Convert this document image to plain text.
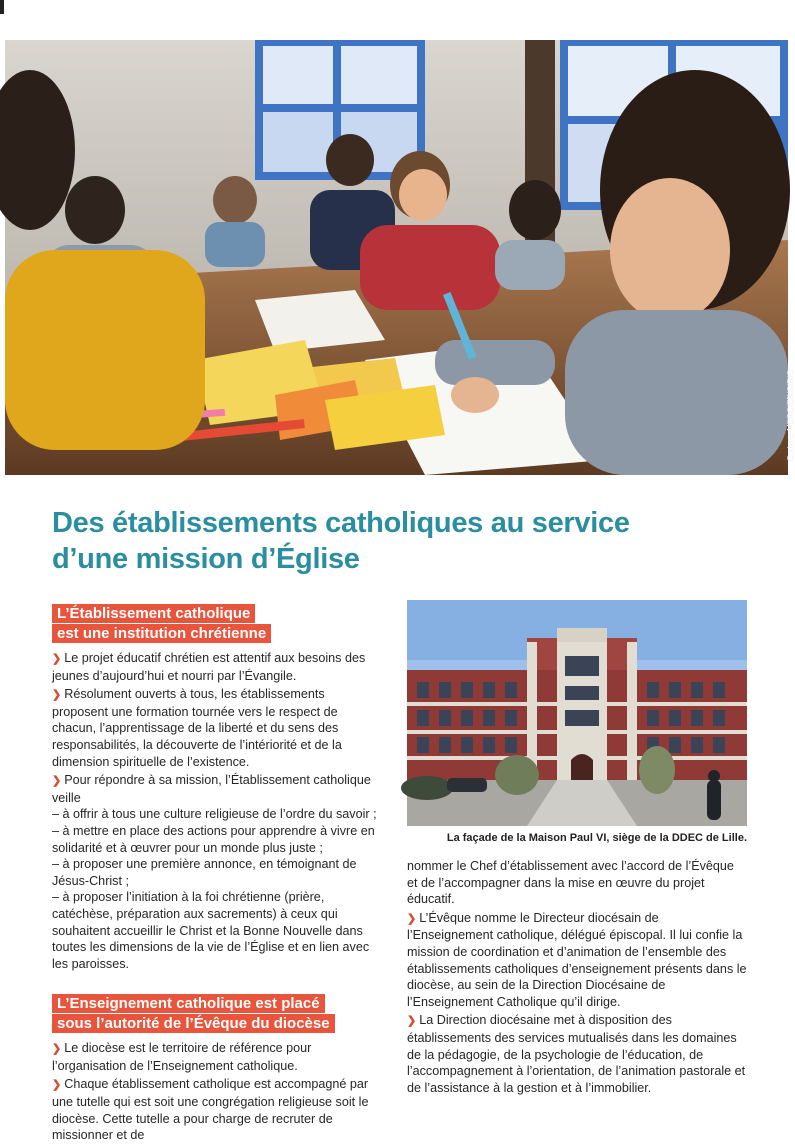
Corinne MERCIER/CIRIC
Des établissements catholiques au service
d’une mission d’Église
L’Établissement catholique
est une institution chrétienne

❯ Le projet éducatif chrétien est attentif aux besoins des jeunes d’aujourd’hui et nourri par l’Évangile.

❯ Résolument ouverts à tous, les établissements proposent une formation tournée vers le respect de chacun, l’apprentissage de la liberté et du sens des responsabilités, la découverte de l’intériorité et de la dimension spirituelle de l’existence.

❯ Pour répondre à sa mission, l’Établissement catholique veille
– à offrir à tous une culture religieuse de l’ordre du savoir ;
– à mettre en place des actions pour apprendre à vivre en solidarité et à œuvrer pour un monde plus juste ;
– à proposer une première annonce, en témoignant de Jésus-Christ ;
– à proposer l’initiation à la foi chrétienne (prière, catéchèse, préparation aux sacrements) à ceux qui souhaitent accueillir le Christ et la Bonne Nouvelle dans toutes les dimensions de la vie de l’Église et en lien avec les paroisses.

L’Enseignement catholique est placé
sous l’autorité de l’Évêque du diocèse

❯ Le diocèse est le territoire de référence pour l’organisation de l’Enseignement catholique.

❯ Chaque établissement catholique est accompagné par une tutelle qui est soit une congrégation religieuse soit le diocèse. Cette tutelle a pour charge de recruter de missionner et de

La façade de la Maison Paul VI, siège de la DDEC de Lille.

nommer le Chef d’établissement avec l’accord de l’Évêque et de l’accompagner dans la mise en œuvre du projet éducatif.

❯ L’Évêque nomme le Directeur diocésain de l’Enseignement catholique, délégué épiscopal. Il lui confie la mission de coordination et d’animation de l’ensemble des établissements catholiques d’enseignement présents dans le diocèse, au sein de la Direction Diocésaine de l’Enseignement Catholique qu’il dirige.

❯ La Direction diocésaine met à disposition des établissements des services mutualisés dans les domaines de la pédagogie, de la psychologie de l’éducation, de l’accompagnement à l’orientation, de l’animation pastorale et de l’assistance à la gestion et à l’immobilier.
